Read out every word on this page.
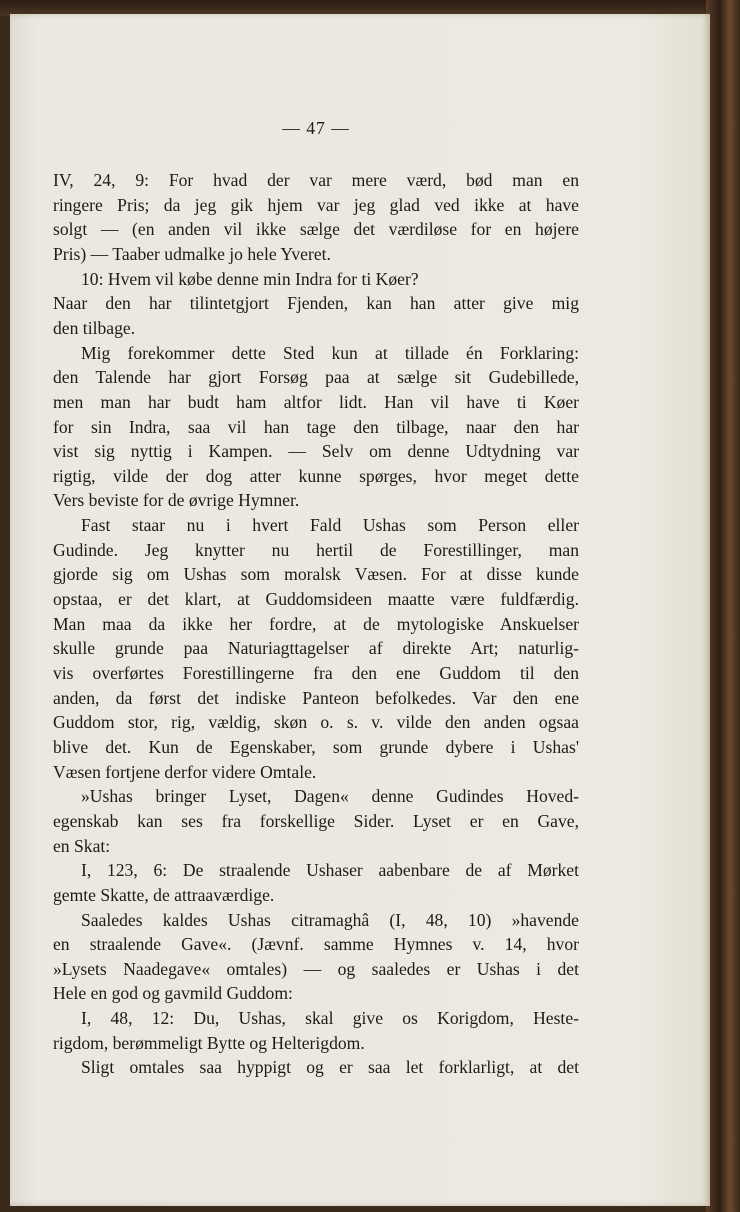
— 47 —
IV, 24, 9: For hvad der var mere værd, bød man en
ringere Pris; da jeg gik hjem var jeg glad ved ikke at have
solgt — (en anden vil ikke sælge det værdiløse for en højere
Pris) — Taaber udmalke jo hele Yveret.
10: Hvem vil købe denne min Indra for ti Køer?
Naar den har tilintetgjort Fjenden, kan han atter give mig
den tilbage.
Mig forekommer dette Sted kun at tillade én Forklaring:
den Talende har gjort Forsøg paa at sælge sit Gudebillede,
men man har budt ham altfor lidt. Han vil have ti Køer
for sin Indra, saa vil han tage den tilbage, naar den har
vist sig nyttig i Kampen. — Selv om denne Udtydning var
rigtig, vilde der dog atter kunne spørges, hvor meget dette
Vers beviste for de øvrige Hymner.
Fast staar nu i hvert Fald Ushas som Person eller
Gudinde. Jeg knytter nu hertil de Forestillinger, man
gjorde sig om Ushas som moralsk Væsen. For at disse kunde
opstaa, er det klart, at Guddomsideen maatte være fuldfærdig.
Man maa da ikke her fordre, at de mytologiske Anskuelser
skulle grunde paa Naturiagttagelser af direkte Art; naturlig-
vis overførtes Forestillingerne fra den ene Guddom til den
anden, da først det indiske Panteon befolkedes. Var den ene
Guddom stor, rig, vældig, skøn o. s. v. vilde den anden ogsaa
blive det. Kun de Egenskaber, som grunde dybere i Ushas'
Væsen fortjene derfor videre Omtale.
»Ushas bringer Lyset, Dagen« denne Gudindes Hoved-
egenskab kan ses fra forskellige Sider. Lyset er en Gave,
en Skat:
I, 123, 6: De straalende Ushaser aabenbare de af Mørket
gemte Skatte, de attraaværdige.
Saaledes kaldes Ushas citramaghâ (I, 48, 10) »havende
en straalende Gave«. (Jævnf. samme Hymnes v. 14, hvor
»Lysets Naadegave« omtales) — og saaledes er Ushas i det
Hele en god og gavmild Guddom:
I, 48, 12: Du, Ushas, skal give os Korigdom, Heste-
rigdom, berømmeligt Bytte og Helterigdom.
Sligt omtales saa hyppigt og er saa let forklarligt, at det
